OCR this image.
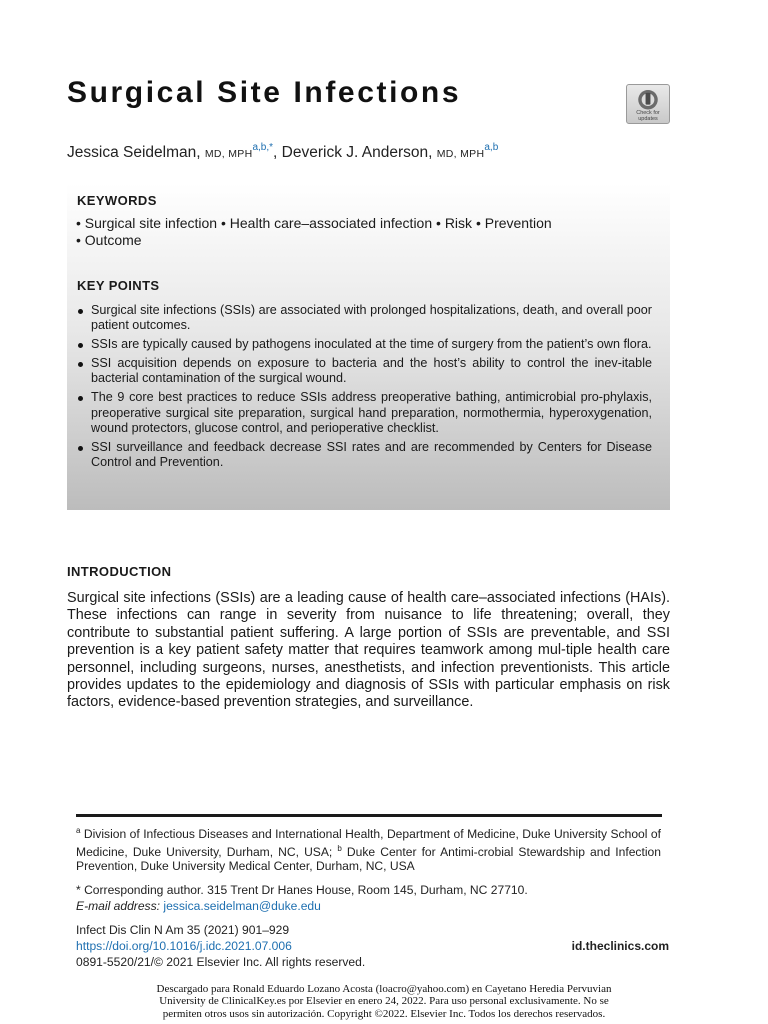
Surgical Site Infections
Check for
updates
Jessica Seidelman, MD, $MPH^{a,b,*}$, Deverick J. Anderson, MD, MPH$^{a,b}$
KEYWORDS
• Surgical site infection • Health care–associated infection • Risk • Prevention
• Outcome
KEY POINTS
Surgical site infections (SSIs) are associated with prolonged hospitalizations, death, and overall poor patient outcomes.
SSIs are typically caused by pathogens inoculated at the time of surgery from the patient’s own flora.
SSI acquisition depends on exposure to bacteria and the host’s ability to control the inev-itable bacterial contamination of the surgical wound.
The 9 core best practices to reduce SSIs address preoperative bathing, antimicrobial pro-phylaxis, preoperative surgical site preparation, surgical hand preparation, normothermia, hyperoxygenation, wound protectors, glucose control, and perioperative checklist.
SSI surveillance and feedback decrease SSI rates and are recommended by Centers for Disease Control and Prevention.
INTRODUCTION

Surgical site infections (SSIs) are a leading cause of health care–associated infections (HAIs). These infections can range in severity from nuisance to life threatening; overall, they contribute to substantial patient suffering. A large portion of SSIs are preventable, and SSI prevention is a key patient safety matter that requires teamwork among mul-tiple health care personnel, including surgeons, nurses, anesthetists, and infection preventionists. This article provides updates to the epidemiology and diagnosis of SSIs with particular emphasis on risk factors, evidence-based prevention strategies, and surveillance.

$^a$ Division of Infectious Diseases and International Health, Department of Medicine, Duke University School of Medicine, Duke University, Durham, NC, USA; $^b$ Duke Center for Antimi-crobial Stewardship and Infection Prevention, Duke University Medical Center, Durham, NC, USA

* Corresponding author. 315 Trent Dr Hanes House, Room 145, Durham, NC 27710.
E-mail address: jessica.seidelman@duke.edu
Infect Dis Clin N Am 35 (2021) 901–929
https://doi.org/10.1016/j.idc.2021.07.006
0891-5520/21/© 2021 Elsevier Inc. All rights reserved.
id.theclinics.com
Descargado para Ronald Eduardo Lozano Acosta (loacro@yahoo.com) en Cayetano Heredia Pervuvian
University de ClinicalKey.es por Elsevier en enero 24, 2022. Para uso personal exclusivamente. No se
permiten otros usos sin autorización. Copyright ©2022. Elsevier Inc. Todos los derechos reservados.
